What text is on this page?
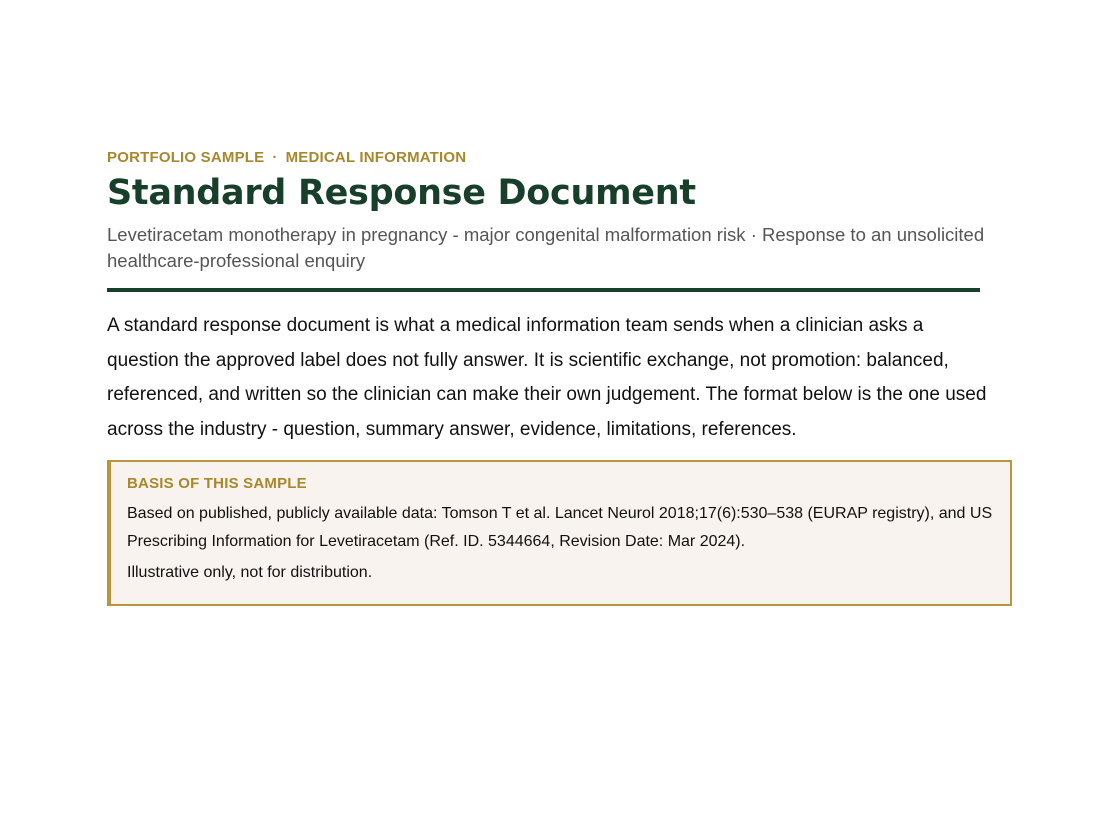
PORTFOLIO SAMPLE · MEDICAL INFORMATION
Standard Response Document
Levetiracetam monotherapy in pregnancy - major congenital malformation risk · Response to an unsolicited healthcare-professional enquiry
A standard response document is what a medical information team sends when a clinician asks a question the approved label does not fully answer. It is scientific exchange, not promotion: balanced, referenced, and written so the clinician can make their own judgement. The format below is the one used across the industry - question, summary answer, evidence, limitations, references.
BASIS OF THIS SAMPLE
Based on published, publicly available data: Tomson T et al. Lancet Neurol 2018;17(6):530–538 (EURAP registry), and US Prescribing Information for Levetiracetam (Ref. ID. 5344664, Revision Date: Mar 2024).
Illustrative only, not for distribution.
